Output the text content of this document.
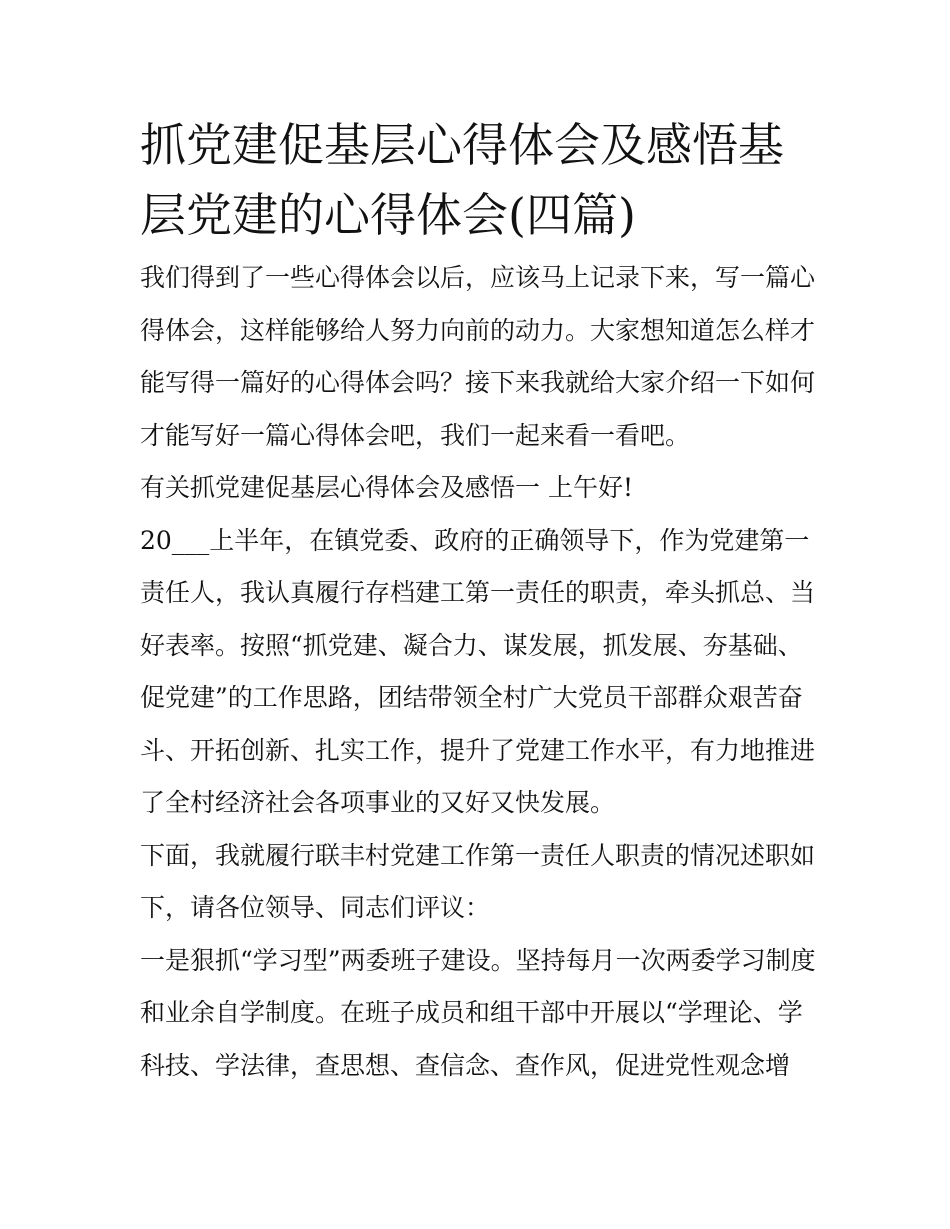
抓党建促基层心得体会及感悟基层党建的心得体会(四篇)

我们得到了一些心得体会以后，应该马上记录下来，写一篇心得体会，这样能够给人努力向前的动力。大家想知道怎么样才能写得一篇好的心得体会吗？接下来我就给大家介绍一下如何才能写好一篇心得体会吧，我们一起来看一看吧。

有关抓党建促基层心得体会及感悟一 上午好!

20___上半年，在镇党委、政府的正确领导下，作为党建第一责任人，我认真履行存档建工第一责任的职责，牵头抓总、当好表率。按照“抓党建、凝合力、谋发展，抓发展、夯基础、促党建”的工作思路，团结带领全村广大党员干部群众艰苦奋斗、开拓创新、扎实工作，提升了党建工作水平，有力地推进了全村经济社会各项事业的又好又快发展。

下面，我就履行联丰村党建工作第一责任人职责的情况述职如下，请各位领导、同志们评议：

一是狠抓“学习型”两委班子建设。坚持每月一次两委学习制度和业余自学制度。在班子成员和组干部中开展以“学理论、学科技、学法律，查思想、查信念、查作风，促进党性观念增
